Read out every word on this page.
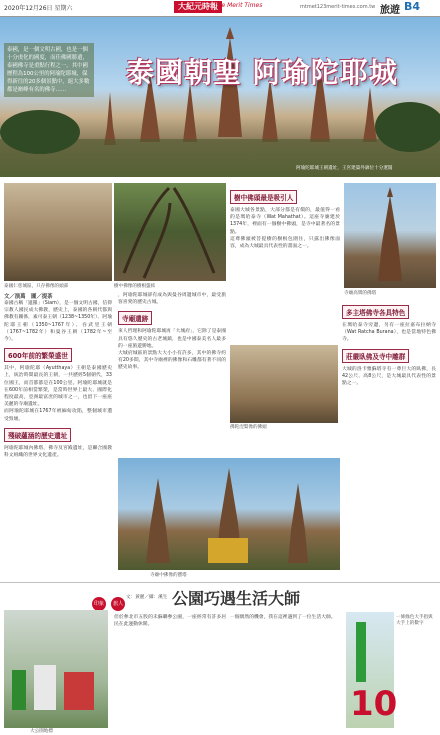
2020年12月26日 星期六	大紀元時報
The Merit Times	mtmet123merit-times.com.tw 旅遊 B4
泰國，是一個文明古國，也是一個十分虔化的國度，而佳佛國勝遺，泰國佛寺是重點行程之一。其中國歷程為100公里的阿瑜陀耶城，保得新往的20多個景點中，絕大多數都是巔峰有名的佛寺……
泰國朝聖 阿瑜陀耶城
阿瑜陀耶城王朝遺址，王宮建築外廓位十分遼闊
泰國仁慈城區，只存佛像的頭部	樹中佛像的樹根盤結
文／演萬　圖／提茶
泰國古稱「暹羅」（Siam），是一個文明古國，信仰宗教人國民成大佛教，歷史上，泰國的各朝代都與佛教有關係，素可泰王朝（1238~1350年）、阿瑜陀耶王朝（1350~1767年）、吞武里王朝（1767~1782年）和曼谷王朝（1782年~至今）。
600年前的繁榮盛世
其中，阿瑜陀耶（Ayutthaya）王朝是泰國歷史上，統治時間最長的王朝，一共歷經5個朝代，33位國王，而首都都是在100公里。阿瑜陀耶城就是在600年前相當繁榮，是當時世界上最大、國際化程度最高，亞洲最富庶的城市之一，也留下一座座美麗的寺廟遺址。
而阿瑜陀耶城在1767年被緬甸攻陷，整個城市遭受毀壞。
殘破蘊涵的歷史遺址
阿瑜陀耶城內佛塔、佛寺及宮殿遺址，是聯合國教科文組織的世界文化遺產。
，阿瑜陀耶城卻有成為與曼谷周邊城市中，最受旅客喜愛的歷史古城。
寺廟遺跡
來人哲理和阿瑜陀耶城再「大城府」，它除了是泰國具有悠久歷史的古老城鎮，也是中國泰美名人最多的一座旅遊勝地。
大城府城區的景點大大小小有許多，其中的佛寺約有20多間，其中寺廟裡的佛像和石雕都有著不同的歷史故事。
樹中佛頭最是吸引人
泰國大城各景點，大部分都是有價的，最值得一看的是瑪哈泰寺（Wat Mahathat）。這座寺廟建於1374年，裡面有一個樹中佛頭，是寺中最著名的景點。
這尊佛頭被菩提樹的樹根包圍住，只露出佛像面容，成為大城最具代表性的畫面之一。
佛陀涅槃像的佛頭
寺廟高聳的佛塔
多主塔佛寺各具特色
在瑪哈泰寺旁邊，另有一座拉嘉布拉納寺（Wat Ratcha Burana），也是當地特色佛寺。
莊嚴臥佛及寺中雕群
大城的洛卡雅蘇塔寺有一尊巨大的臥佛，長42公尺、高8公尺，是大城最具代表性的景點之一。
寺廟中佛像的寶塔
印象 旅人
文：黃麗／攝：溪生 公園巧遇生活大師
大公園地標
但於參北市五股的未蘇聯參公園，一座經常有許多居民在此運動休閒。
一個偶然的機會，我在這裡遇到了一位生活大師。
10
一條綠色大手指與大手上的數字
